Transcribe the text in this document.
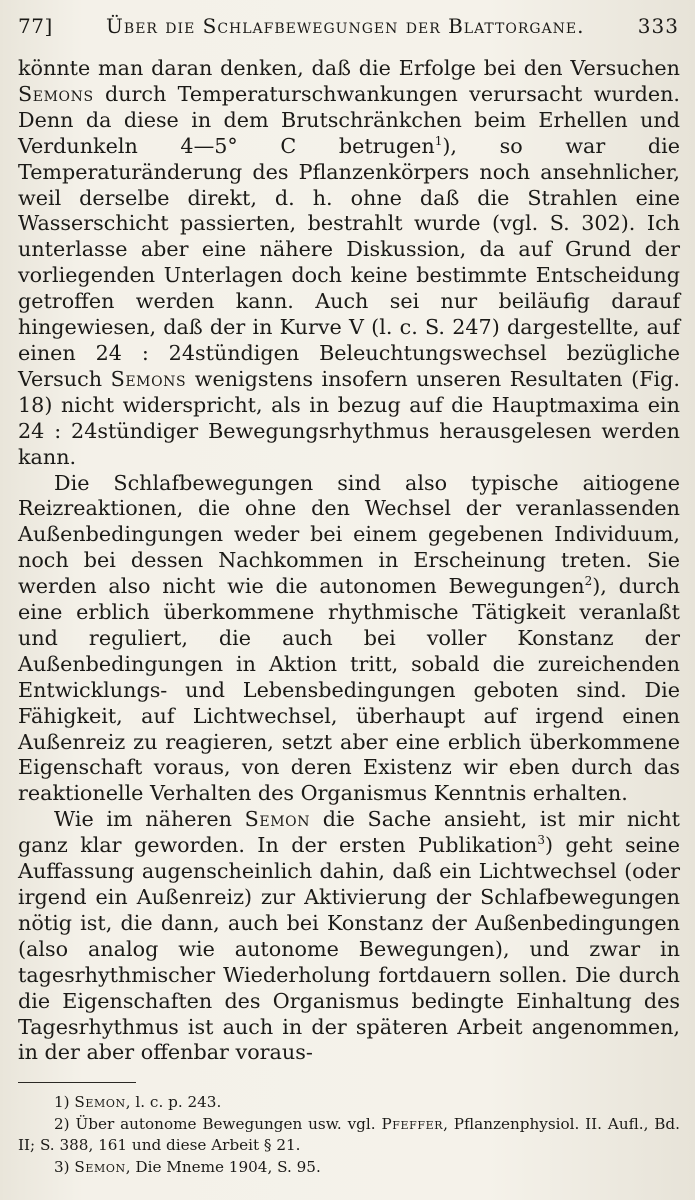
77]	Über die Schlafbewegungen der Blattorgane.	333

könnte man daran denken, daß die Erfolge bei den Versuchen Semons durch Temperaturschwankungen verursacht wurden. Denn da diese in dem Brutschränkchen beim Erhellen und Verdunkeln 4—5° C betrugen$^1$), so war die Temperaturänderung des Pflanzenkörpers noch ansehnlicher, weil derselbe direkt, d. h. ohne daß die Strahlen eine Wasserschicht passierten, bestrahlt wurde (vgl. S. 302). Ich unterlasse aber eine nähere Diskussion, da auf Grund der vorliegenden Unterlagen doch keine bestimmte Entscheidung getroffen werden kann. Auch sei nur beiläufig darauf hingewiesen, daß der in Kurve V (l. c. S. 247) dargestellte, auf einen 24 : 24stündigen Beleuchtungswechsel bezügliche Versuch Semons wenigstens insofern unseren Resultaten (Fig. 18) nicht widerspricht, als in bezug auf die Hauptmaxima ein 24 : 24stündiger Bewegungsrhythmus herausgelesen werden kann.

Die Schlafbewegungen sind also typische aitiogene Reizreaktionen, die ohne den Wechsel der veranlassenden Außenbedingungen weder bei einem gegebenen Individuum, noch bei dessen Nachkommen in Erscheinung treten. Sie werden also nicht wie die autonomen Bewegungen$^2$), durch eine erblich überkommene rhythmische Tätigkeit veranlaßt und reguliert, die auch bei voller Konstanz der Außenbedingungen in Aktion tritt, sobald die zureichenden Entwicklungs- und Lebensbedingungen geboten sind. Die Fähigkeit, auf Lichtwechsel, überhaupt auf irgend einen Außenreiz zu reagieren, setzt aber eine erblich überkommene Eigenschaft voraus, von deren Existenz wir eben durch das reaktionelle Verhalten des Organismus Kenntnis erhalten.

Wie im näheren Semon die Sache ansieht, ist mir nicht ganz klar geworden. In der ersten Publikation$^3$) geht seine Auffassung augenscheinlich dahin, daß ein Lichtwechsel (oder irgend ein Außenreiz) zur Aktivierung der Schlafbewegungen nötig ist, die dann, auch bei Konstanz der Außenbedingungen (also analog wie autonome Bewegungen), und zwar in tagesrhythmischer Wiederholung fortdauern sollen. Die durch die Eigenschaften des Organismus bedingte Einhaltung des Tagesrhythmus ist auch in der späteren Arbeit angenommen, in der aber offenbar voraus-

1) Semon, l. c. p. 243.

2) Über autonome Bewegungen usw. vgl. Pfeffer, Pflanzenphysiol. II. Aufl., Bd. II; S. 388, 161 und diese Arbeit § 21.

3) Semon, Die Mneme 1904, S. 95.
